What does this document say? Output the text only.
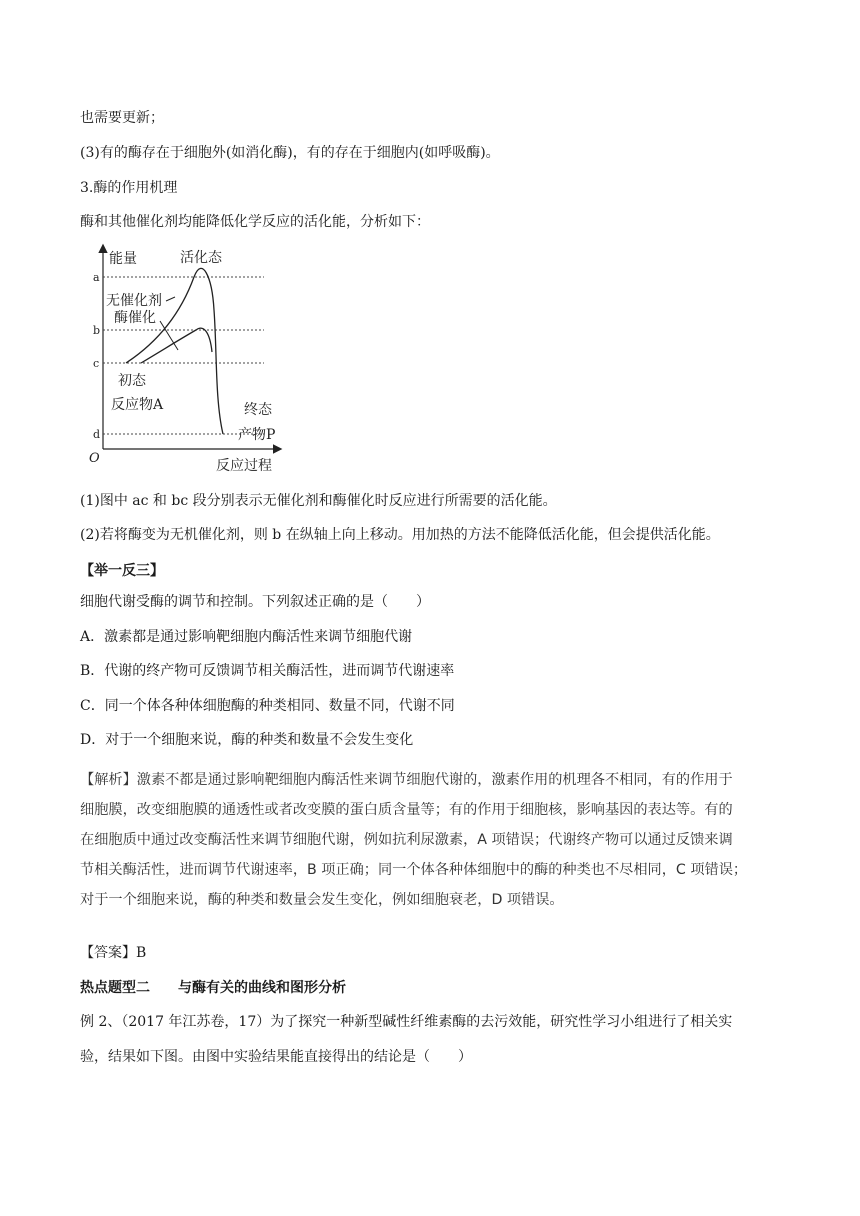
也需要更新；
(3)有的酶存在于细胞外(如消化酶)，有的存在于细胞内(如呼吸酶)。
3.酶的作用机理
酶和其他催化剂均能降低化学反应的活化能，分析如下：
a
b
c
d
O
能量	活化态
无催化剂
酶催化
初态
反应物A	终态
产物P
反应过程
(1)图中 ac 和 bc 段分别表示无催化剂和酶催化时反应进行所需要的活化能。
(2)若将酶变为无机催化剂，则 b 在纵轴上向上移动。用加热的方法不能降低活化能，但会提供活化能。
【举一反三】
细胞代谢受酶的调节和控制。下列叙述正确的是（　　）
A．激素都是通过影响靶细胞内酶活性来调节细胞代谢
B．代谢的终产物可反馈调节相关酶活性，进而调节代谢速率
C．同一个体各种体细胞酶的种类相同、数量不同，代谢不同
D．对于一个细胞来说，酶的种类和数量不会发生变化

【解析】激素不都是通过影响靶细胞内酶活性来调节细胞代谢的，激素作用的机理各不相同，有的作用于

细胞膜，改变细胞膜的通透性或者改变膜的蛋白质含量等；有的作用于细胞核，影响基因的表达等。有的

在细胞质中通过改变酶活性来调节细胞代谢，例如抗利尿激素，A 项错误；代谢终产物可以通过反馈来调

节相关酶活性，进而调节代谢速率，B 项正确；同一个体各种体细胞中的酶的种类也不尽相同，C 项错误；

对于一个细胞来说，酶的种类和数量会发生变化，例如细胞衰老，D 项错误。

【答案】B
热点题型二　　与酶有关的曲线和图形分析
例 2、（2017 年江苏卷，17）为了探究一种新型碱性纤维素酶的去污效能，研究性学习小组进行了相关实
验，结果如下图。由图中实验结果能直接得出的结论是（　　）
